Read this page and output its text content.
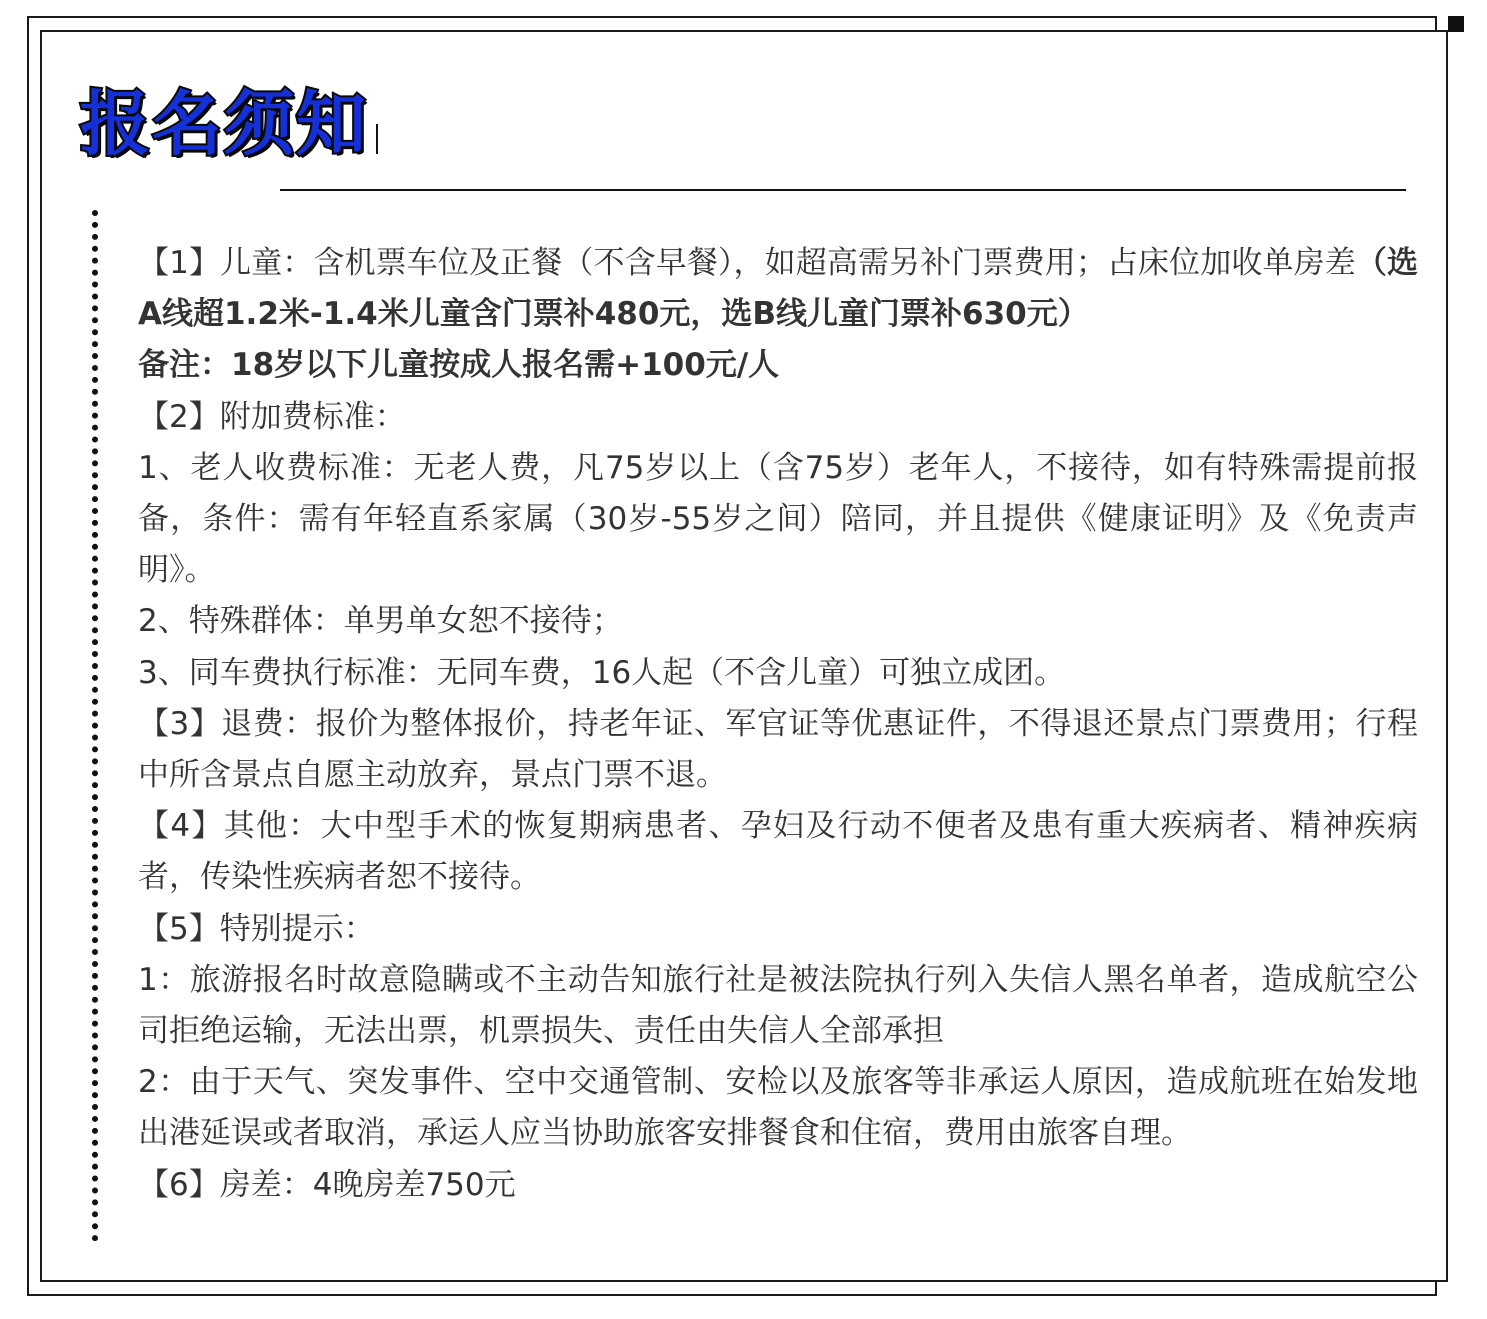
报名须知

【1】儿童：含机票车位及正餐（不含早餐），如超高需另补门票费用；占床位加收单房差（选A线超1.2米-1.4米儿童含门票补480元，选B线儿童门票补630元）

备注：18岁以下儿童按成人报名需+100元/人

【2】附加费标准：

1、老人收费标准：无老人费，凡75岁以上（含75岁）老年人，不接待，如有特殊需提前报备，条件：需有年轻直系家属（30岁-55岁之间）陪同，并且提供《健康证明》及《免责声明》。

2、特殊群体：单男单女恕不接待；

3、同车费执行标准：无同车费，16人起（不含儿童）可独立成团。

【3】退费：报价为整体报价，持老年证、军官证等优惠证件，不得退还景点门票费用；行程中所含景点自愿主动放弃，景点门票不退。

【4】其他：大中型手术的恢复期病患者、孕妇及行动不便者及患有重大疾病者、精神疾病者，传染性疾病者恕不接待。

【5】特别提示：

1：旅游报名时故意隐瞒或不主动告知旅行社是被法院执行列入失信人黑名单者，造成航空公司拒绝运输，无法出票，机票损失、责任由失信人全部承担

2：由于天气、突发事件、空中交通管制、安检以及旅客等非承运人原因，造成航班在始发地出港延误或者取消，承运人应当协助旅客安排餐食和住宿，费用由旅客自理。

【6】房差：4晚房差750元
